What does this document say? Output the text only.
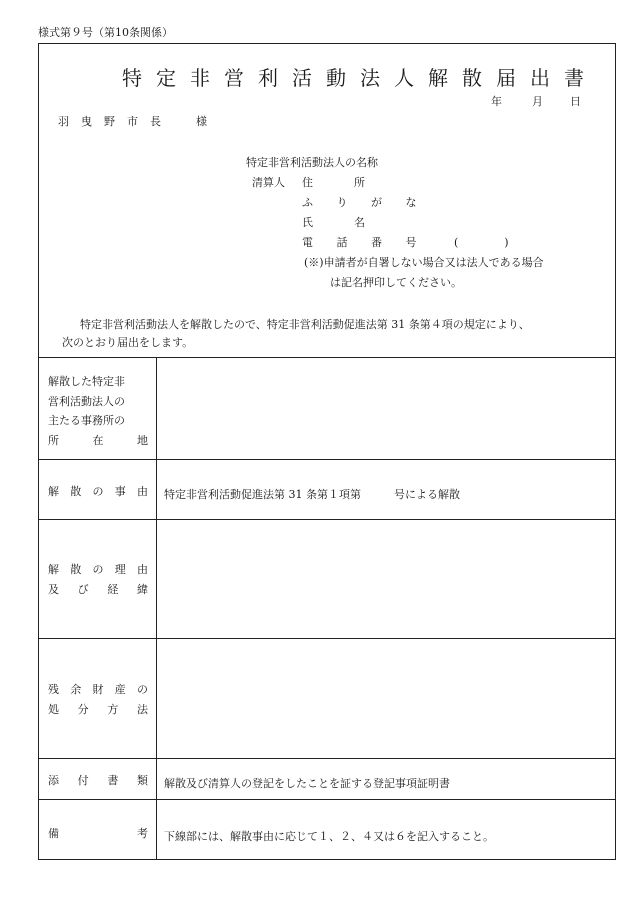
様式第９号（第10条関係）
特定非営利活動法人解散届出書
年	月 日
羽曳野市長　様
特定非営利活動法人の名称
清算人 住　　　所
ふ り が な
氏　　　名
電 話 番 号	(　　)
(※)申請者が自署しない場合又は法人である場合
は記名押印してください。
特定非営利活動法人を解散したので、特定非営利活動促進法第 31 条第４項の規定により、
次のとおり届出をします。
解散した特定非
営利活動法人の
主たる事務所の
所	在	地
解 散 の 事 由 特定非営利活動促進法第 31 条第１項第　　　号による解散
解 散 の 理 由
及 び 経 緯
残 余 財 産 の
処 分 方 法
添 付 書 類 解散及び清算人の登記をしたことを証する登記事項証明書
備	考 下線部には、解散事由に応じて１、２、４又は６を記入すること。
